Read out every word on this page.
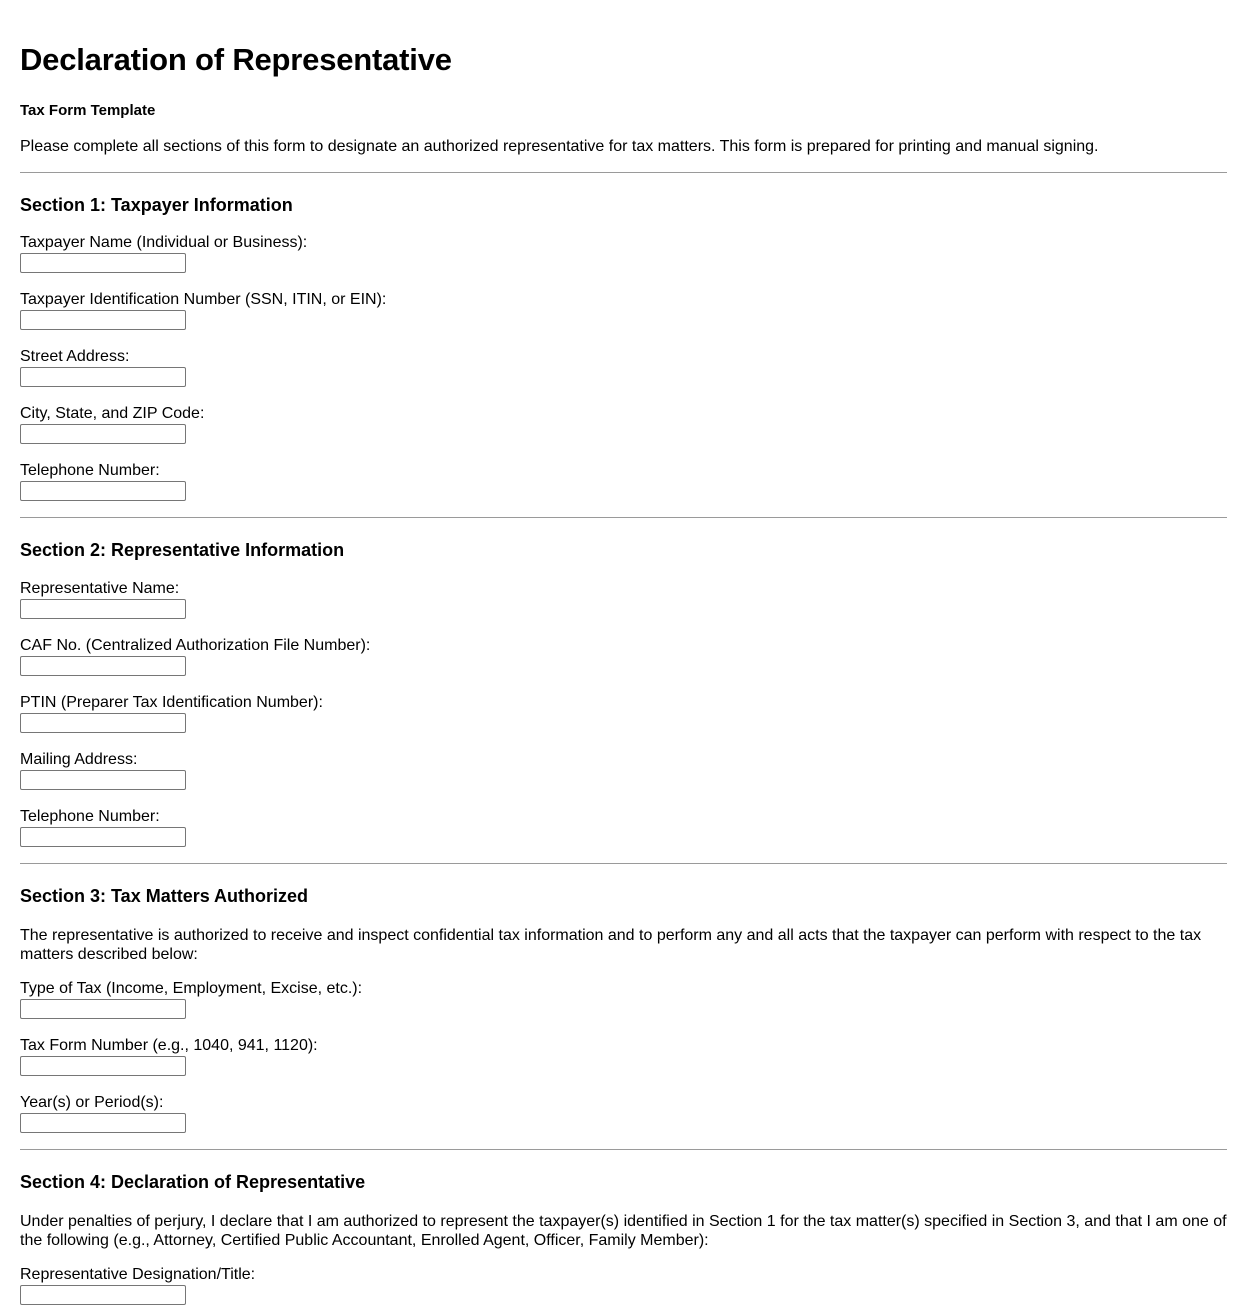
Declaration of Representative

Tax Form Template

Please complete all sections of this form to designate an authorized representative for tax matters. This form is prepared for printing and manual signing.

Section 1: Taxpayer Information
Taxpayer Name (Individual or Business):
Taxpayer Identification Number (SSN, ITIN, or EIN):
Street Address:
City, State, and ZIP Code:
Telephone Number:
Section 2: Representative Information
Representative Name:
CAF No. (Centralized Authorization File Number):
PTIN (Preparer Tax Identification Number):
Mailing Address:
Telephone Number:
Section 3: Tax Matters Authorized

The representative is authorized to receive and inspect confidential tax information and to perform any and all acts that the taxpayer can perform with respect to the tax matters described below:

Type of Tax (Income, Employment, Excise, etc.):
Tax Form Number (e.g., 1040, 941, 1120):
Year(s) or Period(s):
Section 4: Declaration of Representative

Under penalties of perjury, I declare that I am authorized to represent the taxpayer(s) identified in Section 1 for the tax matter(s) specified in Section 3, and that I am one of the following (e.g., Attorney, Certified Public Accountant, Enrolled Agent, Officer, Family Member):

Representative Designation/Title:
